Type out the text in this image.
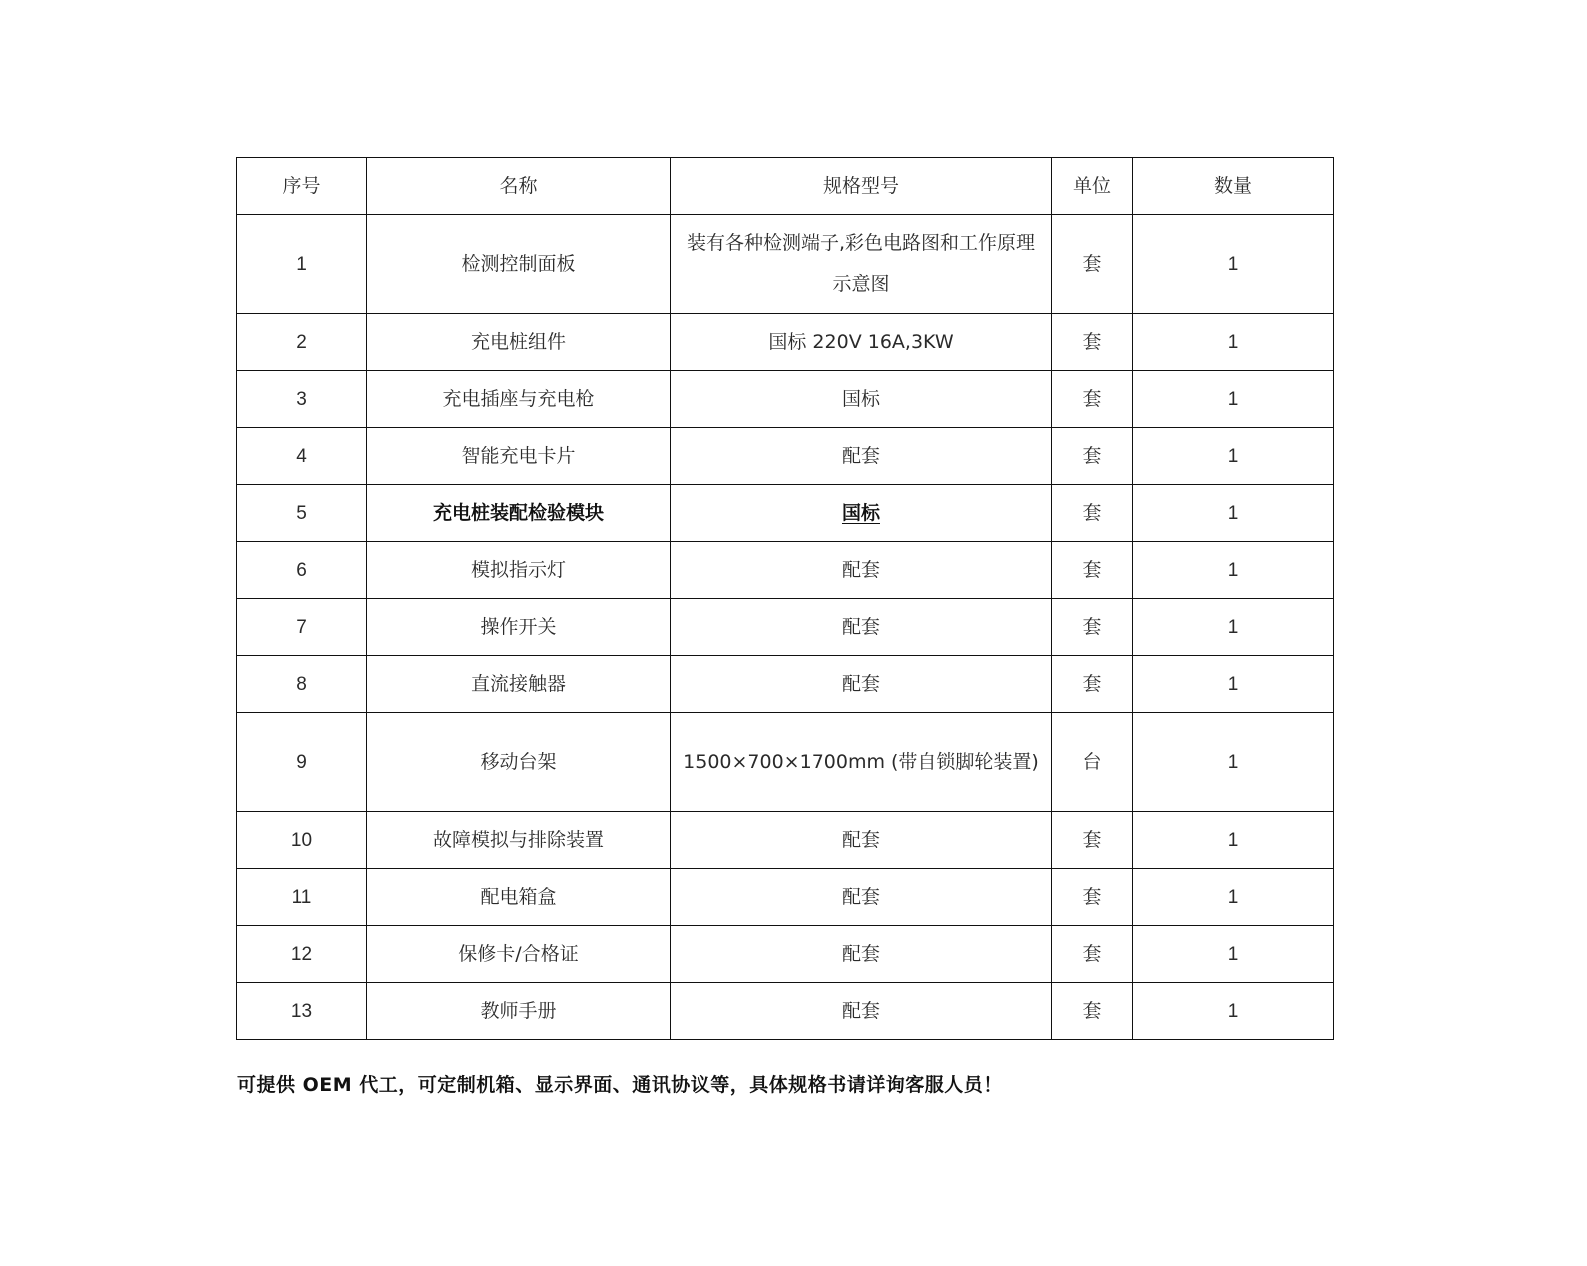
序号	名称	规格型号	单位	数量
1	检测控制面板	装有各种检测端子,彩色电路图和工作原理示意图	套	1
2	充电桩组件	国标 220V 16A,3KW	套	1
3	充电插座与充电枪	国标	套	1
4	智能充电卡片	配套	套	1
5	充电桩装配检验模块	国标	套	1
6	模拟指示灯	配套	套	1
7	操作开关	配套	套	1
8	直流接触器	配套	套	1
9	移动台架	1500×700×1700mm (带自锁脚轮装置)	台	1
10	故障模拟与排除装置	配套	套	1
11	配电箱盒	配套	套	1
12	保修卡/合格证	配套	套	1
13	教师手册	配套	套	1
可提供 OEM 代工，可定制机箱、显示界面、通讯协议等，具体规格书请详询客服人员！
